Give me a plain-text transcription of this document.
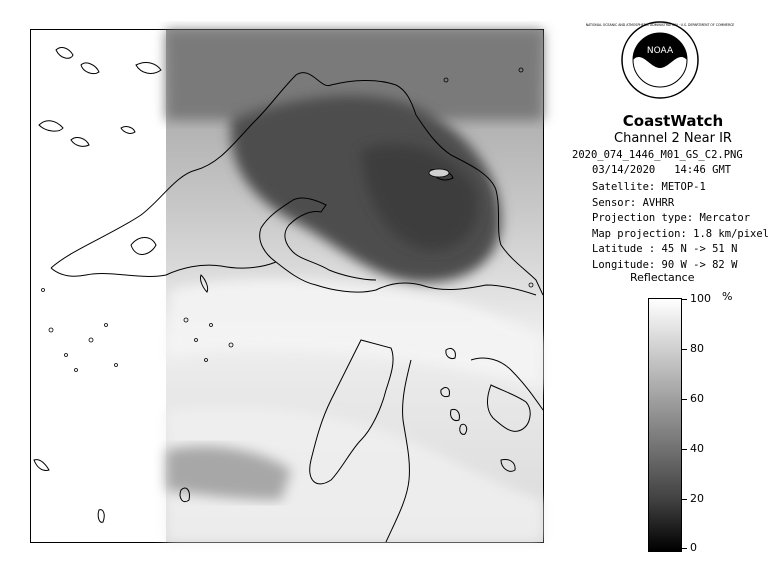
NOAA
NATIONAL OCEANIC AND ATMOSPHERIC ADMINISTRATION · U.S. DEPARTMENT OF COMMERCE
CoastWatch
Channel 2 Near IR
2020_074_1446_M01_GS_C2.PNG
03/14/2020 14:46 GMT
Satellite: METOP-1
Sensor: AVHRR
Projection type: Mercator
Map projection: 1.8 km/pixel
Latitude : 45 N -> 51 N
Longitude: 90 W -> 82 W
Reflectance
%
100
80
60
40
20
0
